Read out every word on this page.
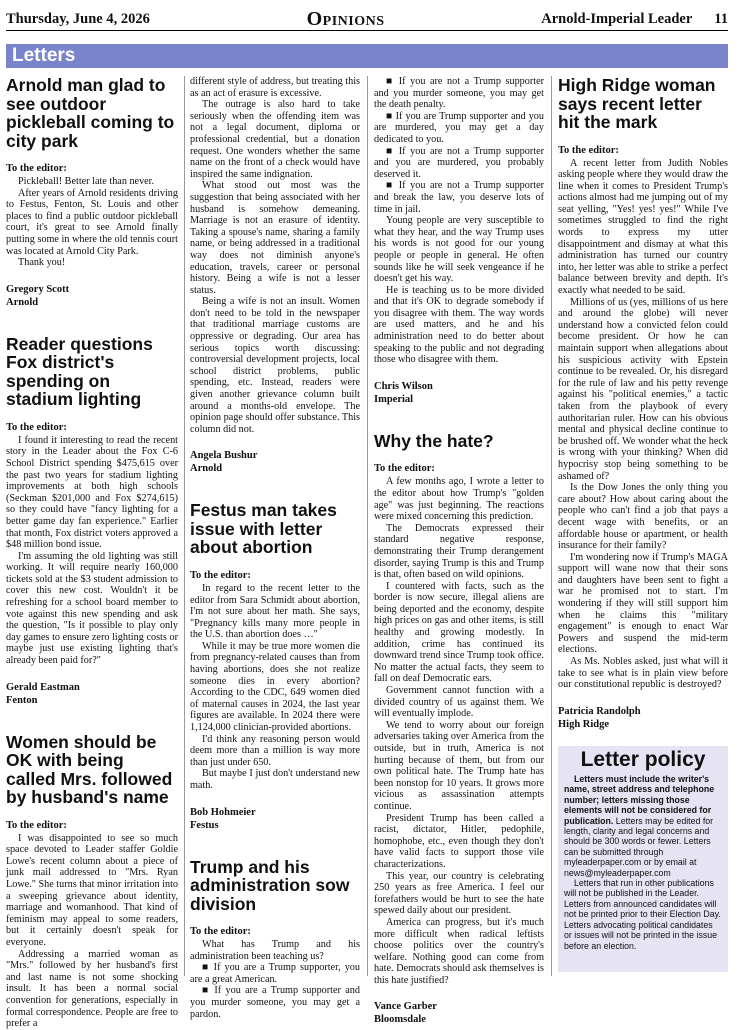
Thursday, June 4, 2026	Opinions	Arnold-Imperial Leader 11
Letters
Arnold man glad to see outdoor pickleball coming to city park
To the editor:

Pickleball! Better late than never.

After years of Arnold residents driving to Festus, Fenton, St. Louis and other places to find a public outdoor pickleball court, it's great to see Arnold finally putting some in where the old tennis court was located at Arnold City Park.

Thank you!

Gregory Scott
Arnold
Reader questions Fox district's spending on stadium lighting
To the editor:

I found it interesting to read the recent story in the Leader about the Fox C-6 School District spending $475,615 over the past two years for stadium lighting improvements at both high schools (Seckman $201,000 and Fox $274,615) so they could have "fancy lighting for a better game day fan experience." Earlier that month, Fox district voters approved a $48 million bond issue.

I'm assuming the old lighting was still working. It will require nearly 160,000 tickets sold at the $3 student admission to cover this new cost. Wouldn't it be refreshing for a school board member to vote against this new spending and ask the question, "Is it possible to play only day games to ensure zero lighting costs or maybe just use existing lighting that's already been paid for?"

Gerald Eastman
Fenton
Women should be OK with being called Mrs. followed by husband's name
To the editor:

I was disappointed to see so much space devoted to Leader staffer Goldie Lowe's recent column about a piece of junk mail addressed to "Mrs. Ryan Lowe." She turns that minor irritation into a sweeping grievance about identity, marriage and womanhood. That kind of feminism may appeal to some readers, but it certainly doesn't speak for everyone.

Addressing a married woman as "Mrs." followed by her husband's first and last name is not some shocking insult. It has been a normal social convention for generations, especially in formal correspondence. People are free to prefer a

different style of address, but treating this as an act of erasure is excessive.

The outrage is also hard to take seriously when the offending item was not a legal document, diploma or professional credential, but a donation request. One wonders whether the same name on the front of a check would have inspired the same indignation.

What stood out most was the suggestion that being associated with her husband is somehow demeaning. Marriage is not an erasure of identity. Taking a spouse's name, sharing a family name, or being addressed in a traditional way does not diminish anyone's education, travels, career or personal history. Being a wife is not a lesser status.

Being a wife is not an insult. Women don't need to be told in the newspaper that traditional marriage customs are oppressive or degrading. Our area has serious topics worth discussing: controversial development projects, local school district problems, public spending, etc. Instead, readers were given another grievance column built around a months-old envelope. The opinion page should offer substance. This column did not.

Angela Bushur
Arnold
Festus man takes issue with letter about abortion
To the editor:

In regard to the recent letter to the editor from Sara Schmidt about abortion, I'm not sure about her math. She says, "Pregnancy kills many more people in the U.S. than abortion does …"

While it may be true more women die from pregnancy-related causes than from having abortions, does she not realize someone dies in every abortion? According to the CDC, 649 women died of maternal causes in 2024, the last year figures are available. In 2024 there were 1,124,000 clinician-provided abortions.

I'd think any reasoning person would deem more than a million is way more than just under 650.

But maybe I just don't understand new math.

Bob Hohmeier
Festus
Trump and his administration sow division
To the editor:

What has Trump and his administration been teaching us?

■ If you are a Trump supporter, you are a great American.

■ If you are a Trump supporter and you murder someone, you may get a pardon.

■ If you are not a Trump supporter and you murder someone, you may get the death penalty.

■ If you are Trump supporter and you are murdered, you may get a day dedicated to you.

■ If you are not a Trump supporter and you are murdered, you probably deserved it.

■ If you are not a Trump supporter and break the law, you deserve lots of time in jail.

Young people are very susceptible to what they hear, and the way Trump uses his words is not good for our young people or people in general. He often sounds like he will seek vengeance if he doesn't get his way.

He is teaching us to be more divided and that it's OK to degrade somebody if you disagree with them. The way words are used matters, and he and his administration need to do better about speaking to the public and not degrading those who disagree with them.

Chris Wilson
Imperial
Why the hate?
To the editor:

A few months ago, I wrote a letter to the editor about how Trump's "golden age" was just beginning. The reactions were mixed concerning this prediction.

The Democrats expressed their standard negative response, demonstrating their Trump derangement disorder, saying Trump is this and Trump is that, often based on wild opinions.

I countered with facts, such as the border is now secure, illegal aliens are being deported and the economy, despite high prices on gas and other items, is still healthy and growing modestly. In addition, crime has continued its downward trend since Trump took office. No matter the actual facts, they seem to fall on deaf Democratic ears.

Government cannot function with a divided country of us against them. We will eventually implode.

We tend to worry about our foreign adversaries taking over America from the outside, but in truth, America is not hurting because of them, but from our own political hate. The Trump hate has been nonstop for 10 years. It grows more vicious as assassination attempts continue.

President Trump has been called a racist, dictator, Hitler, pedophile, homophobe, etc., even though they don't have valid facts to support those vile characterizations.

This year, our country is celebrating 250 years as free America. I feel our forefathers would be hurt to see the hate spewed daily about our president.

America can progress, but it's much more difficult when radical leftists choose politics over the country's welfare. Nothing good can come from hate. Democrats should ask themselves is this hate justified?

Vance Garber
Bloomsdale
High Ridge woman says recent letter hit the mark
To the editor:

A recent letter from Judith Nobles asking people where they would draw the line when it comes to President Trump's actions almost had me jumping out of my seat yelling, "Yes! yes! yes!" While I've sometimes struggled to find the right words to express my utter disappointment and dismay at what this administration has turned our country into, her letter was able to strike a perfect balance between brevity and depth. It's exactly what needed to be said.

Millions of us (yes, millions of us here and around the globe) will never understand how a convicted felon could become president. Or how he can maintain support when allegations about his suspicious activity with Epstein continue to be revealed. Or, his disregard for the rule of law and his petty revenge against his "political enemies," a tactic taken from the playbook of every authoritarian ruler. How can his obvious mental and physical decline continue to be brushed off. We wonder what the heck is wrong with your thinking? When did hypocrisy stop being something to be ashamed of?

Is the Dow Jones the only thing you care about? How about caring about the people who can't find a job that pays a decent wage with benefits, or an affordable house or apartment, or health insurance for their family?

I'm wondering now if Trump's MAGA support will wane now that their sons and daughters have been sent to fight a war he promised not to start. I'm wondering if they will still support him when he claims this "military engagement" is enough to enact War Powers and suspend the mid-term elections.

As Ms. Nobles asked, just what will it take to see what is in plain view before our constitutional republic is destroyed?

Patricia Randolph
High Ridge
Letter policy

Letters must include the writer's name, street address and telephone number; letters missing those elements will not be considered for publication. Letters may be edited for length, clarity and legal concerns and should be 300 words or fewer. Letters can be submitted through myleaderpaper.com or by email at news@myleaderpaper.com

Letters that run in other publications will not be published in the Leader. Letters from announced candidates will not be printed prior to their Election Day. Letters advocating political candidates or issues will not be printed in the issue before an election.
